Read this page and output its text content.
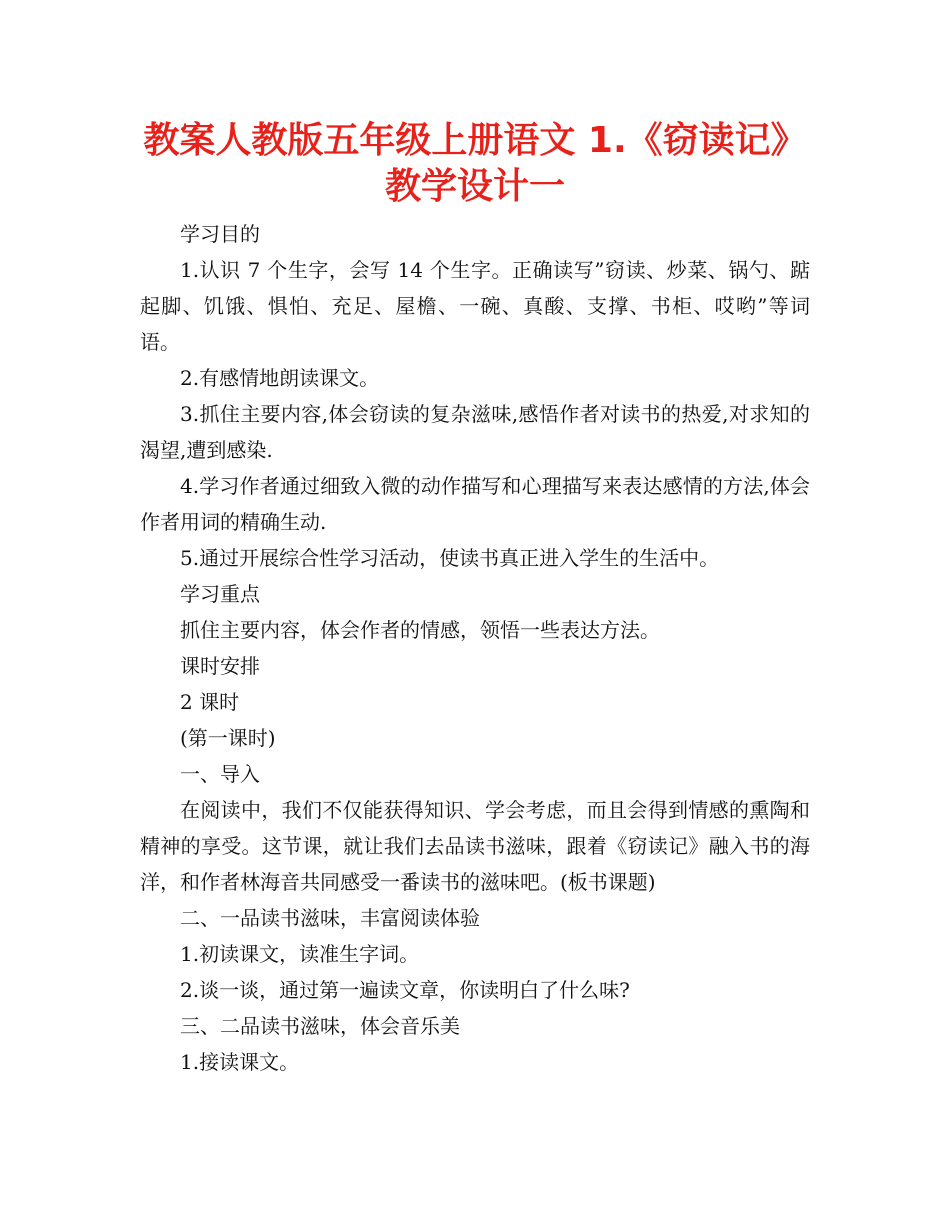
教案人教版五年级上册语文 1.《窃读记》
教学设计一

学习目的

1.认识 7 个生字，会写 14 个生字。正确读写”窃读、炒菜、锅勺、踮起脚、饥饿、惧怕、充足、屋檐、一碗、真酸、支撑、书柜、哎哟”等词语。

2.有感情地朗读课文。

3.抓住主要内容,体会窃读的复杂滋味,感悟作者对读书的热爱,对求知的渴望,遭到感染.

4.学习作者通过细致入微的动作描写和心理描写来表达感情的方法,体会作者用词的精确生动.

5.通过开展综合性学习活动，使读书真正进入学生的生活中。

学习重点

抓住主要内容，体会作者的情感，领悟一些表达方法。

课时安排

2 课时

(第一课时)

一、导入

在阅读中，我们不仅能获得知识、学会考虑，而且会得到情感的熏陶和精神的享受。这节课，就让我们去品读书滋味，跟着《窃读记》融入书的海洋，和作者林海音共同感受一番读书的滋味吧。(板书课题)

二、一品读书滋味，丰富阅读体验

1.初读课文，读准生字词。

2.谈一谈，通过第一遍读文章，你读明白了什么味?

三、二品读书滋味，体会音乐美

1.接读课文。
